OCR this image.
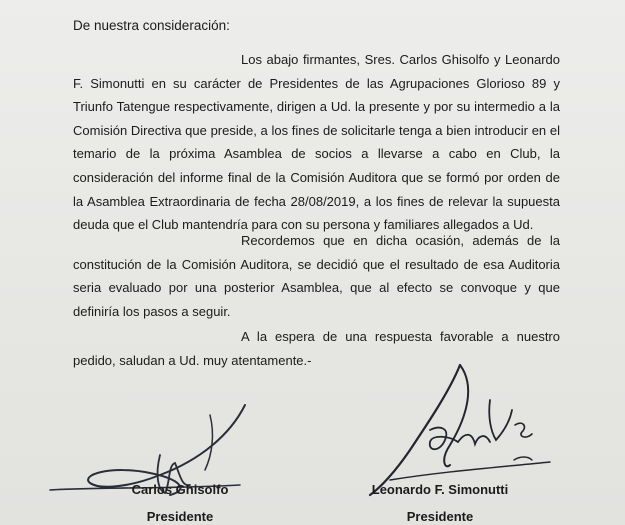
De nuestra consideración:
Los abajo firmantes, Sres. Carlos Ghisolfo y Leonardo F. Simonutti en su carácter de Presidentes de las Agrupaciones Glorioso 89 y Triunfo Tatengue respectivamente, dirigen a Ud. la presente y por su intermedio a la Comisión Directiva que preside, a los fines de solicitarle tenga a bien introducir en el temario de la próxima Asamblea de socios a llevarse a cabo en Club, la consideración del informe final de la Comisión Auditora que se formó por orden de la Asamblea Extraordinaria de fecha 28/08/2019, a los fines de relevar la supuesta deuda que el Club mantendría para con su persona y familiares allegados a Ud.
Recordemos que en dicha ocasión, además de la constitución de la Comisión Auditora, se decidió que el resultado de esa Auditoria seria evaluado por una posterior Asamblea, que al efecto se convoque y que definiría los pasos a seguir.
A la espera de una respuesta favorable a nuestro pedido, saludan a Ud. muy atentamente.-
Carlos Ghisolfo
Presidente
Leonardo F. Simonutti
Presidente
